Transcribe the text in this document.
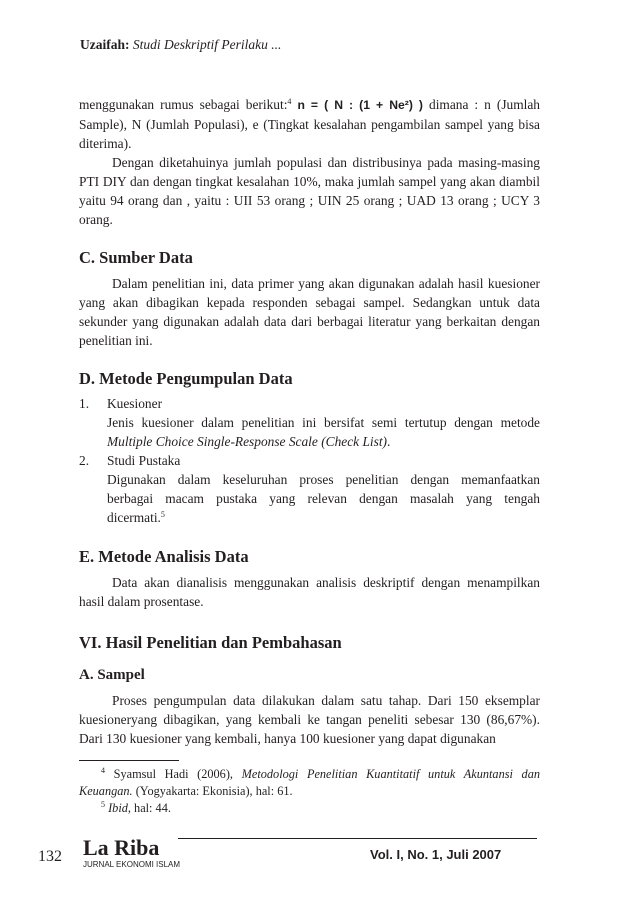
Uzaifah: Studi Deskriptif Perilaku ...

menggunakan rumus sebagai berikut:$^4$ n = ( N : (1 + Ne²) ) dimana : n (Jumlah Sample), N (Jumlah Populasi), e (Tingkat kesalahan pengambilan sampel yang bisa diterima).

Dengan diketahuinya jumlah populasi dan distribusinya pada masing-masing PTI DIY dan dengan tingkat kesalahan 10%, maka jumlah sampel yang akan diambil yaitu 94 orang dan , yaitu : UII 53 orang ; UIN 25 orang ; UAD 13 orang ; UCY 3 orang.

C. Sumber Data

Dalam penelitian ini, data primer yang akan digunakan adalah hasil kuesioner yang akan dibagikan kepada responden sebagai sampel. Sedangkan untuk data sekunder yang digunakan adalah data dari berbagai literatur yang berkaitan dengan penelitian ini.

D. Metode Pengumpulan Data
1. Kuesioner

Jenis kuesioner dalam penelitian ini bersifat semi tertutup dengan metode Multiple Choice Single-Response Scale (Check List).

2. Studi Pustaka

Digunakan dalam keseluruhan proses penelitian dengan memanfaatkan berbagai macam pustaka yang relevan dengan masalah yang tengah dicermati.$^5$

E. Metode Analisis Data

Data akan dianalisis menggunakan analisis deskriptif dengan menampilkan hasil dalam prosentase.

VI. Hasil Penelitian dan Pembahasan
A. Sampel

Proses pengumpulan data dilakukan dalam satu tahap. Dari 150 eksemplar kuesioneryang dibagikan, yang kembali ke tangan peneliti sebesar 130 (86,67%). Dari 130 kuesioner yang kembali, hanya 100 kuesioner yang dapat digunakan

$^4$ Syamsul Hadi (2006), Metodologi Penelitian Kuantitatif untuk Akuntansi dan Keuangan. (Yogyakarta: Ekonisia), hal: 61.

$^5$ Ibid, hal: 44.

132 La Riba
JURNAL EKONOMI ISLAM
Vol. I, No. 1, Juli 2007
